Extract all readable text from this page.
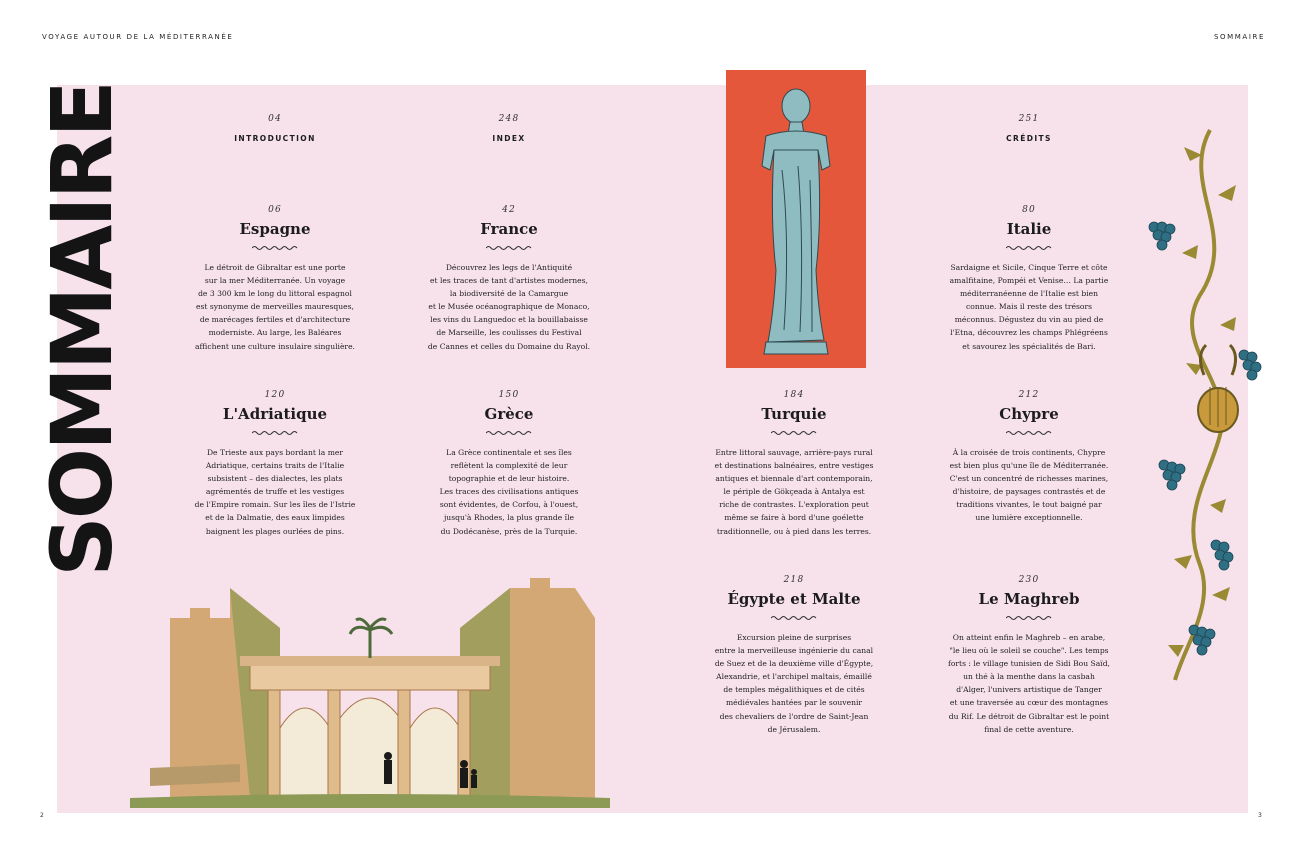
VOYAGE AUTOUR DE LA MÉDITERRANÉE	SOMMAIRE
SOMMAIRE	04
INTRODUCTION
248
INDEX
251
CRÉDITS
06
Espagne
Le détroit de Gibraltar est une porte
sur la mer Méditerranée. Un voyage
de 3 300 km le long du littoral espagnol
est synonyme de merveilles mauresques,
de marécages fertiles et d'architecture
moderniste. Au large, les Baléares
affichent une culture insulaire singulière.
42
France
Découvrez les legs de l'Antiquité
et les traces de tant d'artistes modernes,
la biodiversité de la Camargue
et le Musée océanographique de Monaco,
les vins du Languedoc et la bouillabaisse
de Marseille, les coulisses du Festival
de Cannes et celles du Domaine du Rayol.
80
Italie
Sardaigne et Sicile, Cinque Terre et côte
amalfitaine, Pompéi et Venise… La partie
méditerranéenne de l'Italie est bien
connue. Mais il reste des trésors
méconnus. Dégustez du vin au pied de
l'Etna, découvrez les champs Phlégréens
et savourez les spécialités de Bari.
120
L'Adriatique
De Trieste aux pays bordant la mer
Adriatique, certains traits de l'Italie
subsistent – des dialectes, les plats
agrémentés de truffe et les vestiges
de l'Empire romain. Sur les îles de l'Istrie
et de la Dalmatie, des eaux limpides
baignent les plages ourlées de pins.
150
Grèce
La Grèce continentale et ses îles
reflètent la complexité de leur
topographie et de leur histoire.
Les traces des civilisations antiques
sont évidentes, de Corfou, à l'ouest,
jusqu'à Rhodes, la plus grande île
du Dodécanèse, près de la Turquie.
184
Turquie
Entre littoral sauvage, arrière-pays rural
et destinations balnéaires, entre vestiges
antiques et biennale d'art contemporain,
le périple de Gökçeada à Antalya est
riche de contrastes. L'exploration peut
même se faire à bord d'une goélette
traditionnelle, ou à pied dans les terres.
212
Chypre
À la croisée de trois continents, Chypre
est bien plus qu'une île de Méditerranée.
C'est un concentré de richesses marines,
d'histoire, de paysages contrastés et de
traditions vivantes, le tout baigné par
une lumière exceptionnelle.
218
Égypte et Malte
Excursion pleine de surprises
entre la merveilleuse ingénierie du canal
de Suez et de la deuxième ville d'Égypte,
Alexandrie, et l'archipel maltais, émaillé
de temples mégalithiques et de cités
médiévales hantées par le souvenir
des chevaliers de l'ordre de Saint-Jean
de Jérusalem.
230
Le Maghreb
On atteint enfin le Maghreb – en arabe,
"le lieu où le soleil se couche". Les temps
forts : le village tunisien de Sidi Bou Saïd,
un thé à la menthe dans la casbah
d'Alger, l'univers artistique de Tanger
et une traversée au cœur des montagnes
du Rif. Le détroit de Gibraltar est le point
final de cette aventure.
2	3
